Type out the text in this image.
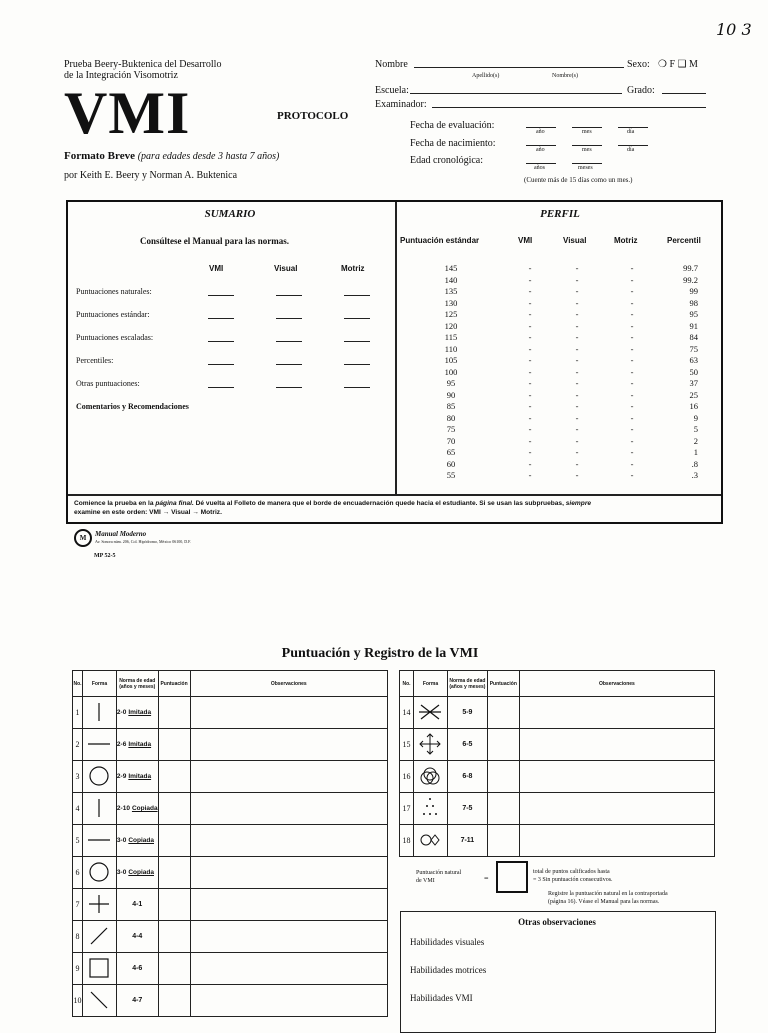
10 3
Prueba Beery-Buktenica del Desarrollo
de la Integración Visomotriz
VMI	PROTOCOLO
Formato Breve (para edades desde 3 hasta 7 años)
por Keith E. Beery y Norman A. Buktenica
Nombre
Apellido(s)	Nombre(s)
Sexo: ❍ F ❑ M
Escuela:	Grado:
Examinador:
Fecha de evaluación:
año	mes	día
Fecha de nacimiento:
año	mes	día
Edad cronológica:
años	meses
(Cuente más de 15 días como un mes.)
SUMARIO
Consúltese el Manual para las normas.
VMI	Visual	Motriz
Puntuaciones naturales:
Puntuaciones estándar:
Puntuaciones escaladas:
Percentiles:
Otras puntuaciones:
Comentarios y Recomendaciones
PERFIL
Puntuación estándar	VMI	Visual	Motriz	Percentil
145	-	-	-	99.7
140	-	-	-	99.2
135	-	-	-	99
130	-	-	-	98
125	-	-	-	95
120	-	-	-	91
115	-	-	-	84
110	-	-	-	75
105	-	-	-	63
100	-	-	-	50
95	-	-	-	37
90	-	-	-	25
85	-	-	-	16
80	-	-	-	9
75	-	-	-	5
70	-	-	-	2
65	-	-	-	1
60	-	-	-	.8
55	-	-	-	.3
Comience la prueba en la página final. Dé vuelta al Folleto de manera que el borde de encuadernación quede hacia el estudiante. Si se usan las subpruebas, siempre
examine en este orden: VMI → Visual → Motriz.
M	Manual Moderno
Av. Sonora núm. 206, Col. Hipódromo, México 06100, D.F.
MP 52-5
Puntuación y Registro de la VMI
No.	Forma	Norma de edad (años y meses)	Puntuación	Observaciones
1		2-0 Imitada		
2		2-6 Imitada		
3		2-9 Imitada		
4		2-10 Copiada		
5		3-0 Copiada		
6		3-0 Copiada		
7		4-1		
8		4-4		
9		4-6		
10		4-7		
No.	Forma	Norma de edad (años y meses)	Puntuación	Observaciones
14		5-9		
15		6-5		
16		6-8		
17		7-5		
18		7-11		
Puntuación natural
de VMI	=
total de puntos calificados hasta
= 3 Sin puntuación consecutivos.
Registre la puntuación natural en la contraportada
(página 16). Véase el Manual para las normas.
Otras observaciones
Habilidades visuales
Habilidades motrices
Habilidades VMI
